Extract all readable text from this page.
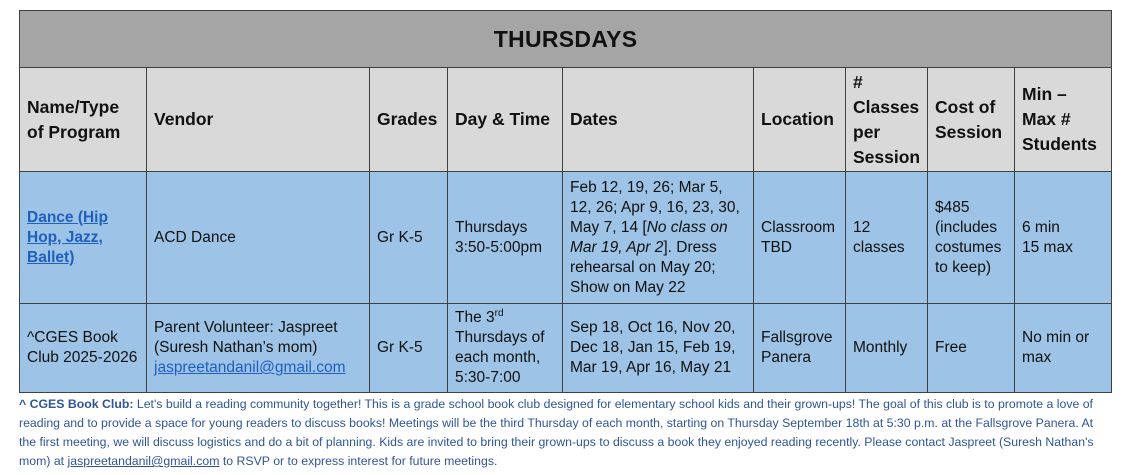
THURSDAYS								
Name/Type of Program	Vendor	Grades	Day & Time	Dates	Location	# Classes per Session	Cost of Session	Min – Max # Students
Dance (Hip Hop, Jazz, Ballet)	ACD Dance	Gr K-5	Thursdays 3:50-5:00pm	Feb 12, 19, 26; Mar 5, 12, 26; Apr 9, 16, 23, 30, May 7, 14 [No class on Mar 19, Apr 2]. Dress rehearsal on May 20; Show on May 22	Classroom TBD	12 classes	$485 (includes costumes to keep)	6 min
15 max

^CGES Book Club 2025-2026	Parent Volunteer: Jaspreet (Suresh Nathan’s mom)
jaspreetandanil@gmail.com	Gr K-5	The 3rd Thursdays of each month, 5:30-7:00	Sep 18, Oct 16, Nov 20, Dec 18, Jan 15, Feb 19, Mar 19, Apr 16, May 21	Fallsgrove Panera	Monthly	Free	No min or max
^ CGES Book Club: Let's build a reading community together! This is a grade school book club designed for elementary school kids and their grown-ups! The goal of this club is to promote a love of reading and to provide a space for young readers to discuss books! Meetings will be the third Thursday of each month, starting on Thursday September 18th at 5:30 p.m. at the Fallsgrove Panera. At the first meeting, we will discuss logistics and do a bit of planning. Kids are invited to bring their grown-ups to discuss a book they enjoyed reading recently. Please contact Jaspreet (Suresh Nathan's mom) at jaspreetandanil@gmail.com to RSVP or to express interest for future meetings.
